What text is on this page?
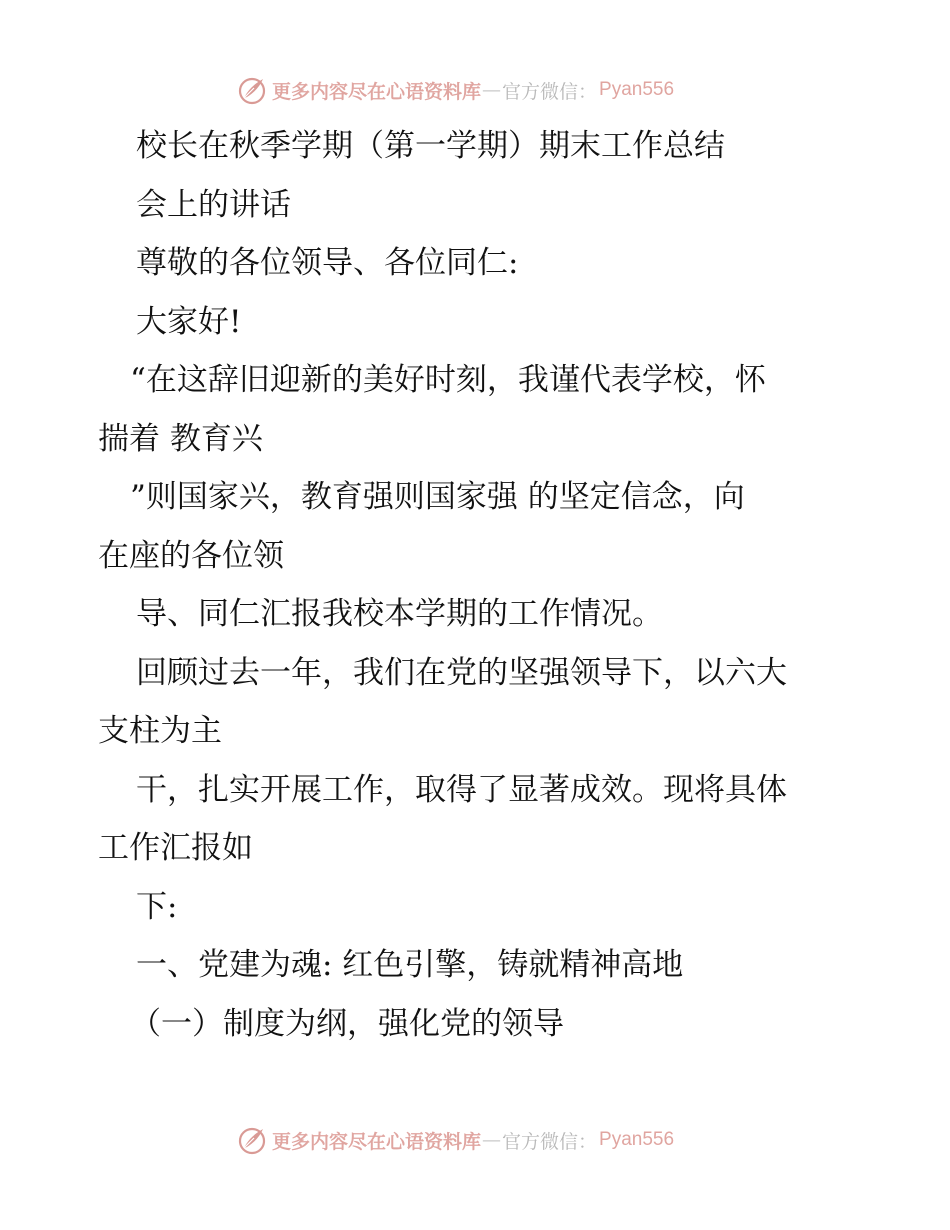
更多内容尽在心语资料库 — 官方微信： Pyan556
校长在秋季学期（第一学期）期末工作总结
会上的讲话
尊敬的各位领导、各位同仁:
大家好!
“在这辞旧迎新的美好时刻，我谨代表学校，怀
揣着 教育兴
”则国家兴，教育强则国家强 的坚定信念，向
在座的各位领
导、同仁汇报我校本学期的工作情况。
回顾过去一年，我们在党的坚强领导下，以六大
支柱为主
干，扎实开展工作，取得了显著成效。现将具体
工作汇报如
下:
一、党建为魂: 红色引擎，铸就精神高地
（一）制度为纲，强化党的领导
更多内容尽在心语资料库 — 官方微信： Pyan556
